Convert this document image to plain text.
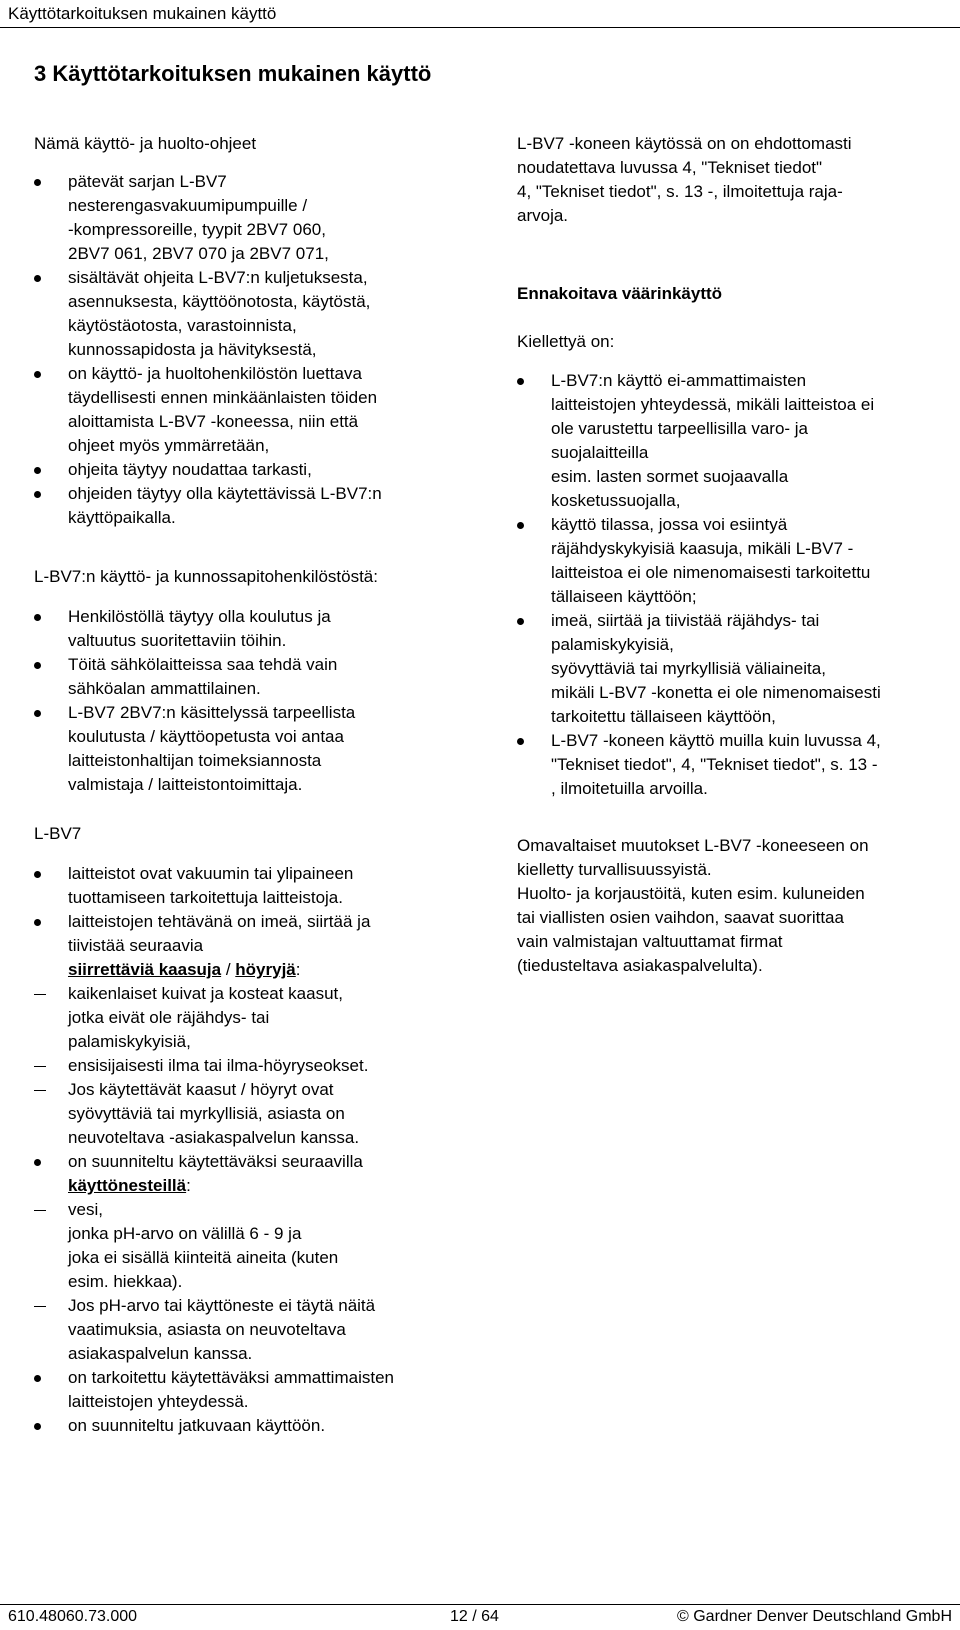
Käyttötarkoituksen mukainen käyttö
3 Käyttötarkoituksen mukainen käyttö

Nämä käyttö- ja huolto-ohjeet

pätevät sarjan L-BV7
nesterengasvakuumipumpuille /
-kompressoreille, tyypit 2BV7 060,
2BV7 061, 2BV7 070 ja 2BV7 071,
sisältävät ohjeita L-BV7:n kuljetuksesta,
asennuksesta, käyttöönotosta, käytöstä,
käytöstäotosta, varastoinnista,
kunnossapidosta ja hävityksestä,
on käyttö- ja huoltohenkilöstön luettava
täydellisesti ennen minkäänlaisten töiden
aloittamista L-BV7 -koneessa, niin että
ohjeet myös ymmärretään,
ohjeita täytyy noudattaa tarkasti,
ohjeiden täytyy olla käytettävissä L-BV7:n
käyttöpaikalla.

L-BV7:n käyttö- ja kunnossapitohenkilöstöstä:

Henkilöstöllä täytyy olla koulutus ja
valtuutus suoritettaviin töihin.
Töitä sähkölaitteissa saa tehdä vain
sähköalan ammattilainen.
L-BV7 2BV7:n käsittelyssä tarpeellista
koulutusta / käyttöopetusta voi antaa
laitteistonhaltijan toimeksiannosta
valmistaja / laitteistontoimittaja.

L-BV7

laitteistot ovat vakuumin tai ylipaineen
tuottamiseen tarkoitettuja laitteistoja.
laitteistojen tehtävänä on imeä, siirtää ja
tiivistää seuraavia
siirrettäviä kaasuja / höyryjä:
kaikenlaiset kuivat ja kosteat kaasut,
jotka eivät ole räjähdys- tai
palamiskykyisiä,
ensisijaisesti ilma tai ilma-höyryseokset.
Jos käytettävät kaasut / höyryt ovat
syövyttäviä tai myrkyllisiä, asiasta on
neuvoteltava -asiakaspalvelun kanssa.
on suunniteltu käytettäväksi seuraavilla
käyttönesteillä:
vesi,
jonka pH-arvo on välillä 6 - 9 ja
joka ei sisällä kiinteitä aineita (kuten
esim. hiekkaa).
Jos pH-arvo tai käyttöneste ei täytä näitä
vaatimuksia, asiasta on neuvoteltava
asiakaspalvelun kanssa.
on tarkoitettu käytettäväksi ammattimaisten
laitteistojen yhteydessä.
on suunniteltu jatkuvaan käyttöön.

L-BV7 -koneen käytössä on on ehdottomasti
noudatettava luvussa 4, "Tekniset tiedot"
4, "Tekniset tiedot", s. 13 -, ilmoitettuja raja-
arvoja.

Ennakoitava väärinkäyttö

Kiellettyä on:

L-BV7:n käyttö ei-ammattimaisten
laitteistojen yhteydessä, mikäli laitteistoa ei
ole varustettu tarpeellisilla varo- ja
suojalaitteilla
esim. lasten sormet suojaavalla
kosketussuojalla,
käyttö tilassa, jossa voi esiintyä
räjähdyskykyisiä kaasuja, mikäli L-BV7 -
laitteistoa ei ole nimenomaisesti tarkoitettu
tällaiseen käyttöön;
imeä, siirtää ja tiivistää räjähdys- tai
palamiskykyisiä,
syövyttäviä tai myrkyllisiä väliaineita,
mikäli L-BV7 -konetta ei ole nimenomaisesti
tarkoitettu tällaiseen käyttöön,
L-BV7 -koneen käyttö muilla kuin luvussa 4,
"Tekniset tiedot", 4, "Tekniset tiedot", s. 13 -
, ilmoitetuilla arvoilla.

Omavaltaiset muutokset L-BV7 -koneeseen on
kielletty turvallisuussyistä.

Huolto- ja korjaustöitä, kuten esim. kuluneiden
tai viallisten osien vaihdon, saavat suorittaa
vain valmistajan valtuuttamat firmat
(tiedusteltava asiakaspalvelulta).

610.48060.73.000	12 / 64	© Gardner Denver Deutschland GmbH
